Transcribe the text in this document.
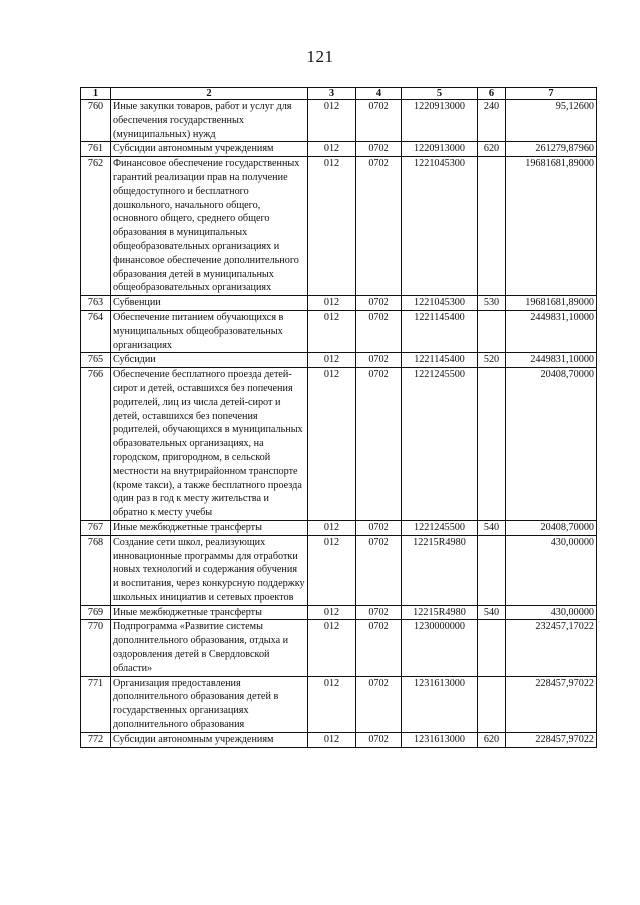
121
1	2	3	4	5	6	7
760	Иные закупки товаров, работ и услуг для обеспечения государственных (муниципальных) нужд	012	0702	1220913000	240	95,12600
761	Субсидии автономным учреждениям	012	0702	1220913000	620	261279,87960
762	Финансовое обеспечение государственных гарантий реализации прав на получение общедоступного и бесплатного дошкольного, начального общего, основного общего, среднего общего образования в муниципальных общеобразовательных организациях и финансовое обеспечение дополнительного образования детей в муниципальных общеобразовательных организациях	012	0702	1221045300		19681681,89000
763	Субвенции	012	0702	1221045300	530	19681681,89000
764	Обеспечение питанием обучающихся в муниципальных общеобразовательных организациях	012	0702	1221145400		2449831,10000
765	Субсидии	012	0702	1221145400	520	2449831,10000
766	Обеспечение бесплатного проезда детей-сирот и детей, оставшихся без попечения родителей, лиц из числа детей-сирот и детей, оставшихся без попечения родителей, обучающихся в муниципальных образовательных организациях, на городском, пригородном, в сельской местности на внутрирайонном транспорте (кроме такси), а также бесплатного проезда один раз в год к месту жительства и обратно к месту учебы	012	0702	1221245500		20408,70000
767	Иные межбюджетные трансферты	012	0702	1221245500	540	20408,70000
768	Создание сети школ, реализующих инновационные программы для отработки новых технологий и содержания обучения и воспитания, через конкурсную поддержку школьных инициатив и сетевых проектов	012	0702	12215R4980		430,00000
769	Иные межбюджетные трансферты	012	0702	12215R4980	540	430,00000
770	Подпрограмма «Развитие системы дополнительного образования, отдыха и оздоровления детей в Свердловской области»	012	0702	1230000000		232457,17022
771	Организация предоставления дополнительного образования детей в государственных организациях дополнительного образования	012	0702	1231613000		228457,97022
772	Субсидии автономным учреждениям	012	0702	1231613000	620	228457,97022
